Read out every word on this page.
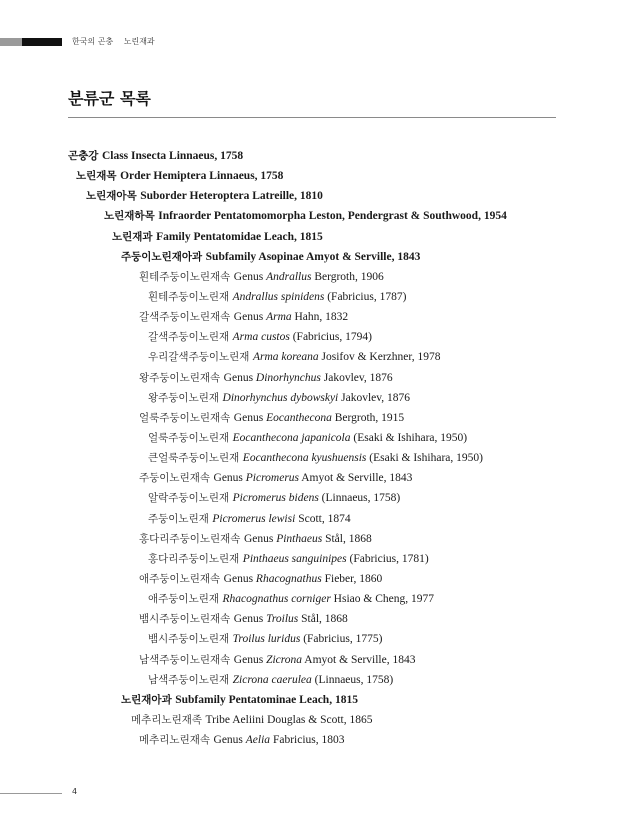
한국의 곤충 노린재과
분류군 목록
곤충강 Class Insecta Linnaeus, 1758
노린재목 Order Hemiptera Linnaeus, 1758
노린재아목 Suborder Heteroptera Latreille, 1810
노린재하목 Infraorder Pentatomomorpha Leston, Pendergrast & Southwood, 1954
노린재과 Family Pentatomidae Leach, 1815
주둥이노린재아과 Subfamily Asopinae Amyot & Serville, 1843
흰테주둥이노린재속 Genus Andrallus Bergroth, 1906
흰테주둥이노린재 Andrallus spinidens (Fabricius, 1787)
갈색주둥이노린재속 Genus Arma Hahn, 1832
갈색주둥이노린재 Arma custos (Fabricius, 1794)
우리갈색주둥이노린재 Arma koreana Josifov & Kerzhner, 1978
왕주둥이노린재속 Genus Dinorhynchus Jakovlev, 1876
왕주둥이노린재 Dinorhynchus dybowskyi Jakovlev, 1876
얼룩주둥이노린재속 Genus Eocanthecona Bergroth, 1915
얼룩주둥이노린재 Eocanthecona japanicola (Esaki & Ishihara, 1950)
큰얼룩주둥이노린재 Eocanthecona kyushuensis (Esaki & Ishihara, 1950)
주둥이노린재속 Genus Picromerus Amyot & Serville, 1843
알락주둥이노린재 Picromerus bidens (Linnaeus, 1758)
주둥이노린재 Picromerus lewisi Scott, 1874
홍다리주둥이노린재속 Genus Pinthaeus Stål, 1868
홍다리주둥이노린재 Pinthaeus sanguinipes (Fabricius, 1781)
애주둥이노린재속 Genus Rhacognathus Fieber, 1860
애주둥이노린재 Rhacognathus corniger Hsiao & Cheng, 1977
뱀시주둥이노린재속 Genus Troilus Stål, 1868
뱀시주둥이노린재 Troilus luridus (Fabricius, 1775)
남색주둥이노린재속 Genus Zicrona Amyot & Serville, 1843
남색주둥이노린재 Zicrona caerulea (Linnaeus, 1758)
노린재아과 Subfamily Pentatominae Leach, 1815
메추리노린재족 Tribe Aeliini Douglas & Scott, 1865
메추리노린재속 Genus Aelia Fabricius, 1803
4
